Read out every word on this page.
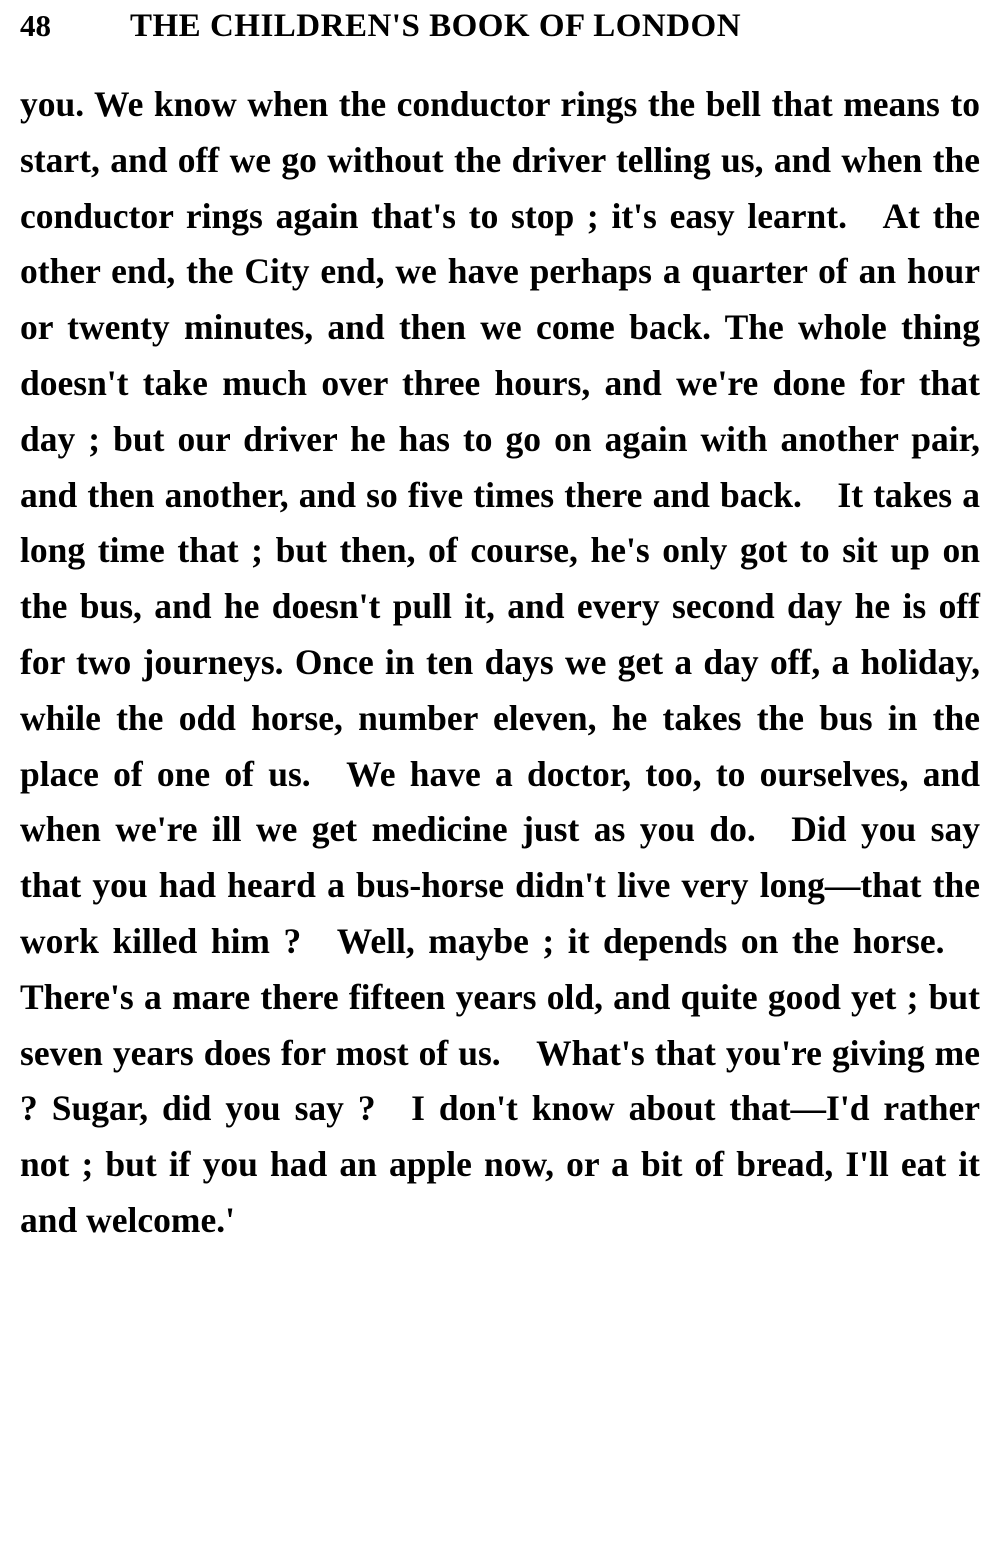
48	THE CHILDREN'S BOOK OF LONDON

you. We know when the conductor rings the bell that means to start, and off we go without the driver telling us, and when the conductor rings again that's to stop ; it's easy learnt. At the other end, the City end, we have perhaps a quarter of an hour or twenty minutes, and then we come back. The whole thing doesn't take much over three hours, and we're done for that day ; but our driver he has to go on again with another pair, and then another, and so five times there and back. It takes a long time that ; but then, of course, he's only got to sit up on the bus, and he doesn't pull it, and every second day he is off for two journeys. Once in ten days we get a day off, a holiday, while the odd horse, number eleven, he takes the bus in the place of one of us. We have a doctor, too, to ourselves, and when we're ill we get medicine just as you do. Did you say that you had heard a bus-horse didn't live very long—that the work killed him ? Well, maybe ; it depends on the horse. There's a mare there fifteen years old, and quite good yet ; but seven years does for most of us. What's that you're giving me ? Sugar, did you say ? I don't know about that—I'd rather not ; but if you had an apple now, or a bit of bread, I'll eat it and welcome.'
